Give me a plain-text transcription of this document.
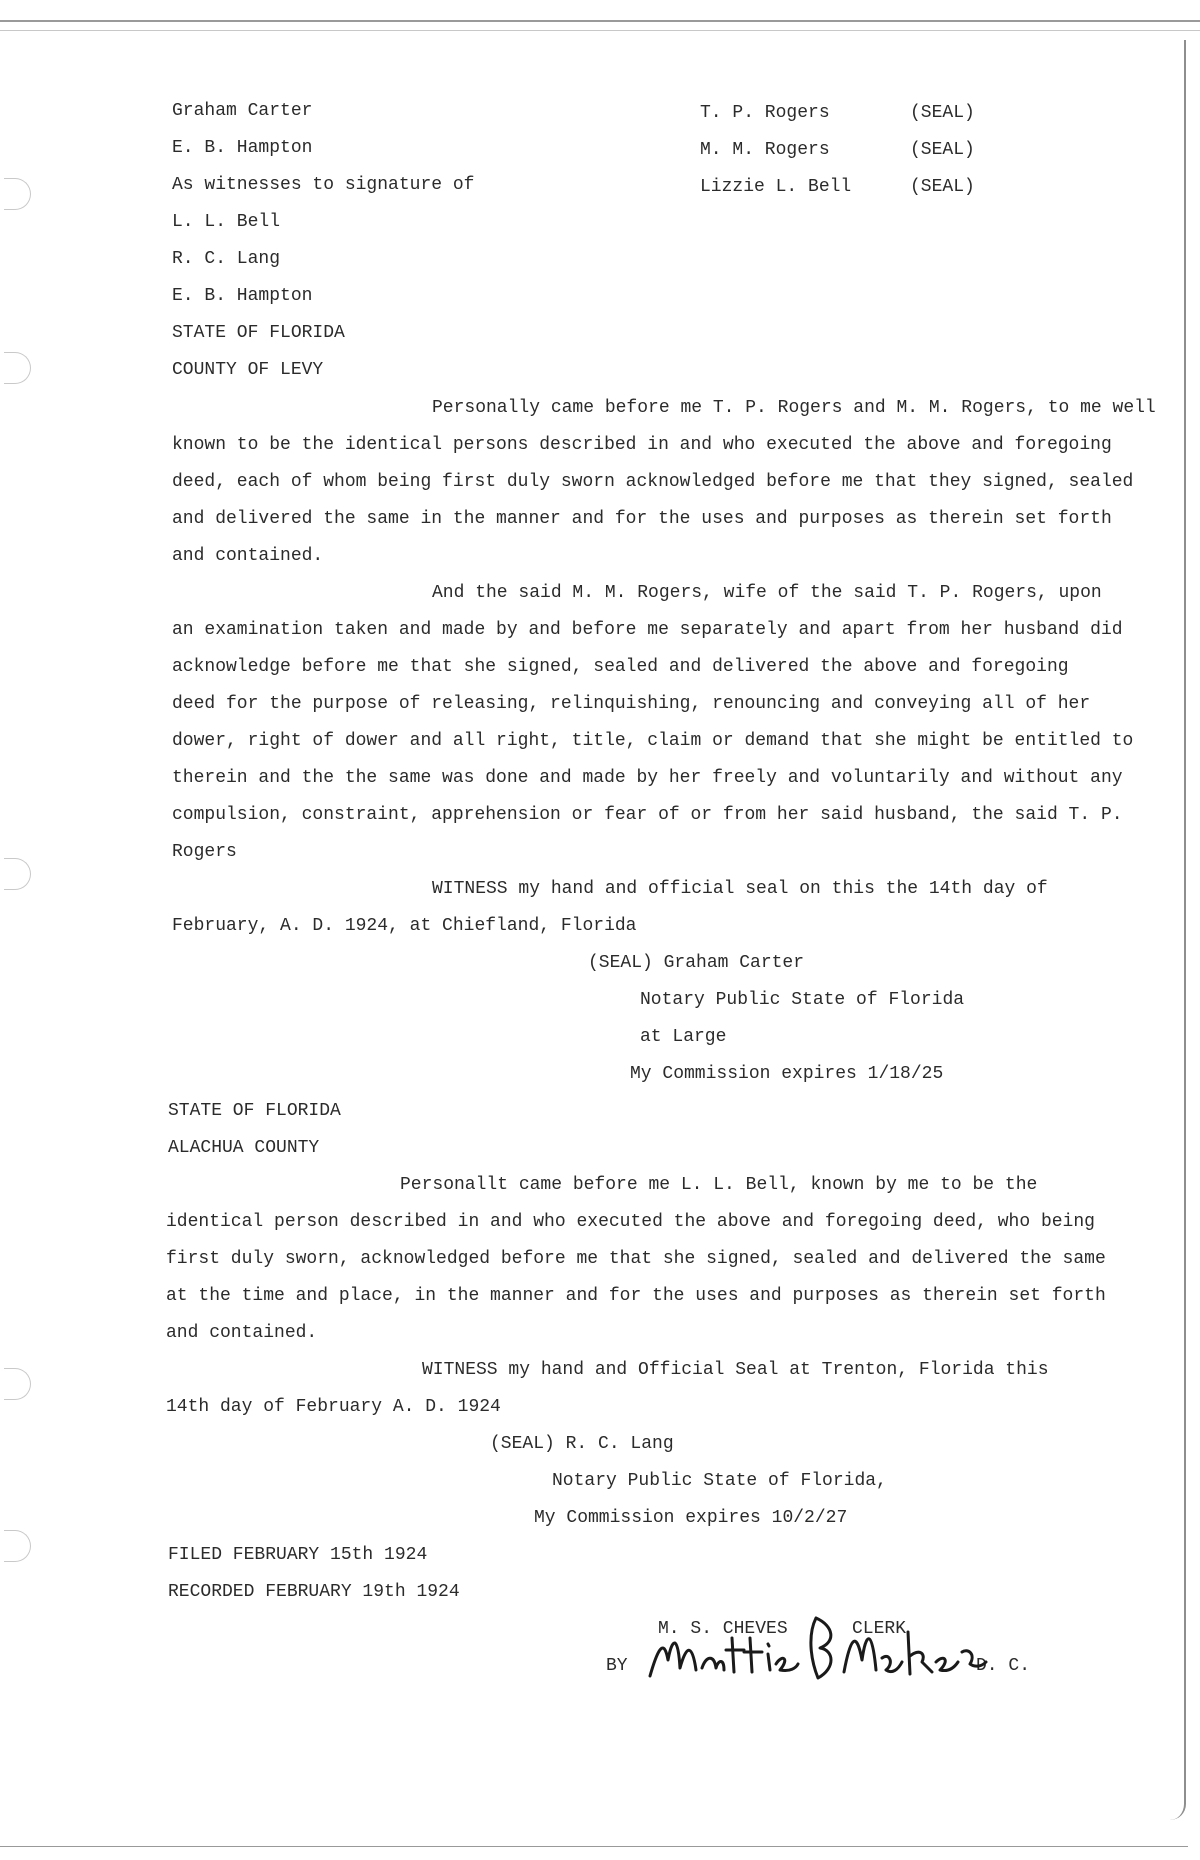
Graham Carter
E. B. Hampton
As witnesses to signature of
L. L. Bell
R. C. Lang
E. B. Hampton
T. P. Rogers	(SEAL)
M. M. Rogers	(SEAL)
Lizzie L. Bell	(SEAL)
STATE OF FLORIDA
COUNTY OF LEVY
Personally came before me T. P. Rogers and M. M. Rogers, to me well
known to be the identical persons described in and who executed the above and foregoing
deed, each of whom being first duly sworn acknowledged before me that they signed, sealed
and delivered the same in the manner and for the uses and purposes as therein set forth
and contained.
And the said M. M. Rogers, wife of the said T. P. Rogers, upon
an examination taken and made by and before me separately and apart from her husband did
acknowledge before me that she signed, sealed and delivered the above and foregoing
deed for the purpose of releasing, relinquishing, renouncing and conveying all of her
dower, right of dower and all right, title, claim or demand that she might be entitled to
therein and the the same was done and made by her freely and voluntarily and without any
compulsion, constraint, apprehension or fear of or from her said husband, the said T. P.
Rogers
WITNESS my hand and official seal on this the 14th day of
February, A. D. 1924, at Chiefland, Florida
(SEAL) Graham Carter
Notary Public State of Florida
at Large
My Commission expires 1/18/25
STATE OF FLORIDA
ALACHUA COUNTY
Personallt came before me L. L. Bell, known by me to be the
identical person described in and who executed the above and foregoing deed, who being
first duly sworn, acknowledged before me that she signed, sealed and delivered the same
at the time and place, in the manner and for the uses and purposes as therein set forth
and contained.
WITNESS my hand and Official Seal at Trenton, Florida this
14th day of February A. D. 1924
(SEAL) R. C. Lang
Notary Public State of Florida,
My Commission expires 10/2/27
FILED FEBRUARY 15th 1924
RECORDED FEBRUARY 19th 1924
M. S. CHEVES	CLERK
BY	D. C.
